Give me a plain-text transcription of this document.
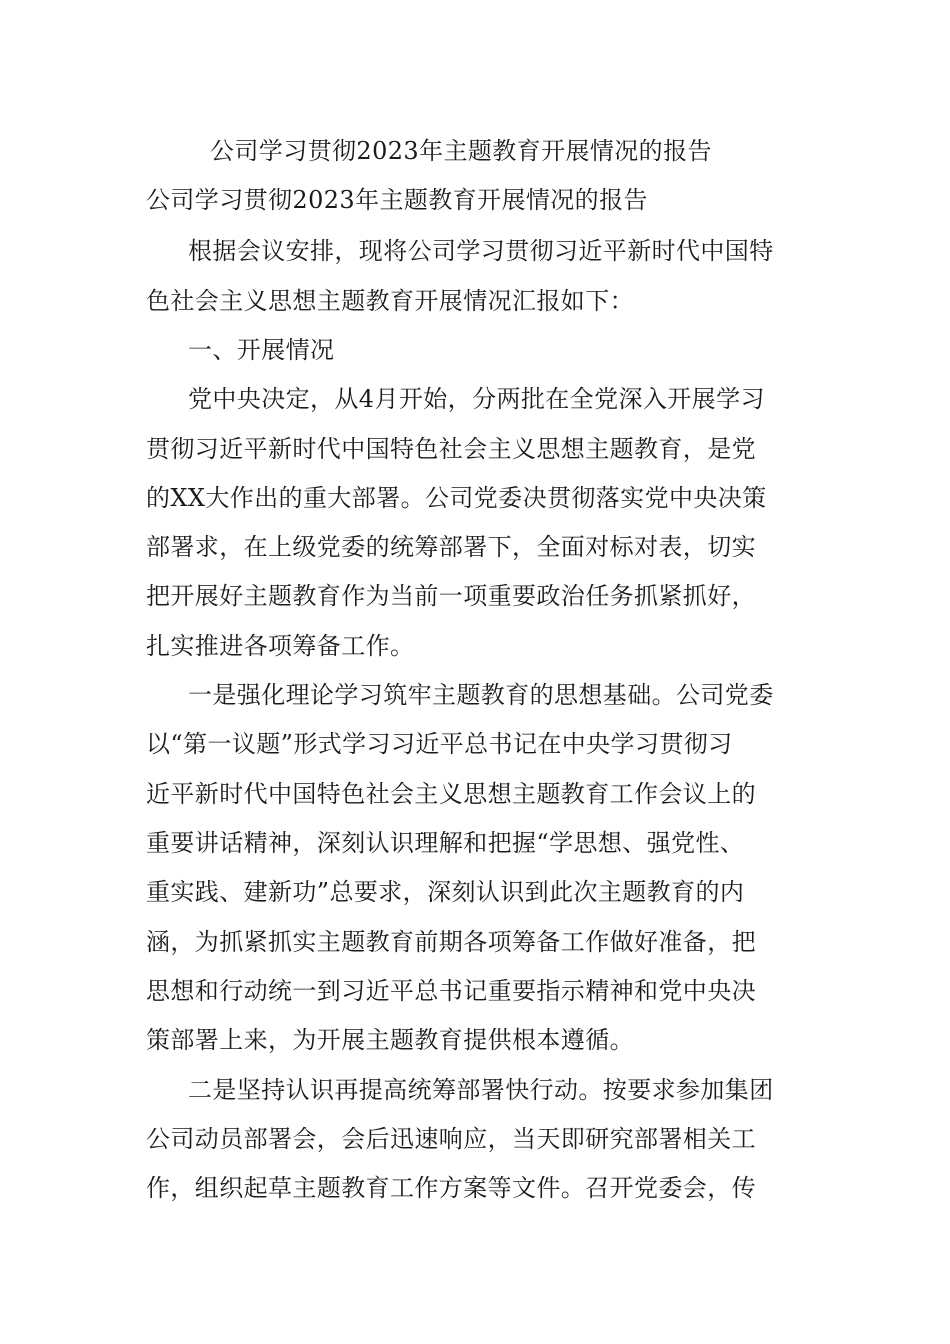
公司学习贯彻2023年主题教育开展情况的报告
公司学习贯彻2023年主题教育开展情况的报告
根据会议安排，现将公司学习贯彻习近平新时代中国特
色社会主义思想主题教育开展情况汇报如下：
一、开展情况
党中央决定，从4月开始，分两批在全党深入开展学习
贯彻习近平新时代中国特色社会主义思想主题教育，是党
的XX大作出的重大部署。公司党委决贯彻落实党中央决策
部署求，在上级党委的统筹部署下，全面对标对表，切实
把开展好主题教育作为当前一项重要政治任务抓紧抓好，
扎实推进各项筹备工作。
一是强化理论学习筑牢主题教育的思想基础。公司党委
以“第一议题”形式学习习近平总书记在中央学习贯彻习
近平新时代中国特色社会主义思想主题教育工作会议上的
重要讲话精神，深刻认识理解和把握“学思想、强党性、
重实践、建新功”总要求，深刻认识到此次主题教育的内
涵，为抓紧抓实主题教育前期各项筹备工作做好准备，把
思想和行动统一到习近平总书记重要指示精神和党中央决
策部署上来，为开展主题教育提供根本遵循。
二是坚持认识再提高统筹部署快行动。按要求参加集团
公司动员部署会，会后迅速响应，当天即研究部署相关工
作，组织起草主题教育工作方案等文件。召开党委会，传
